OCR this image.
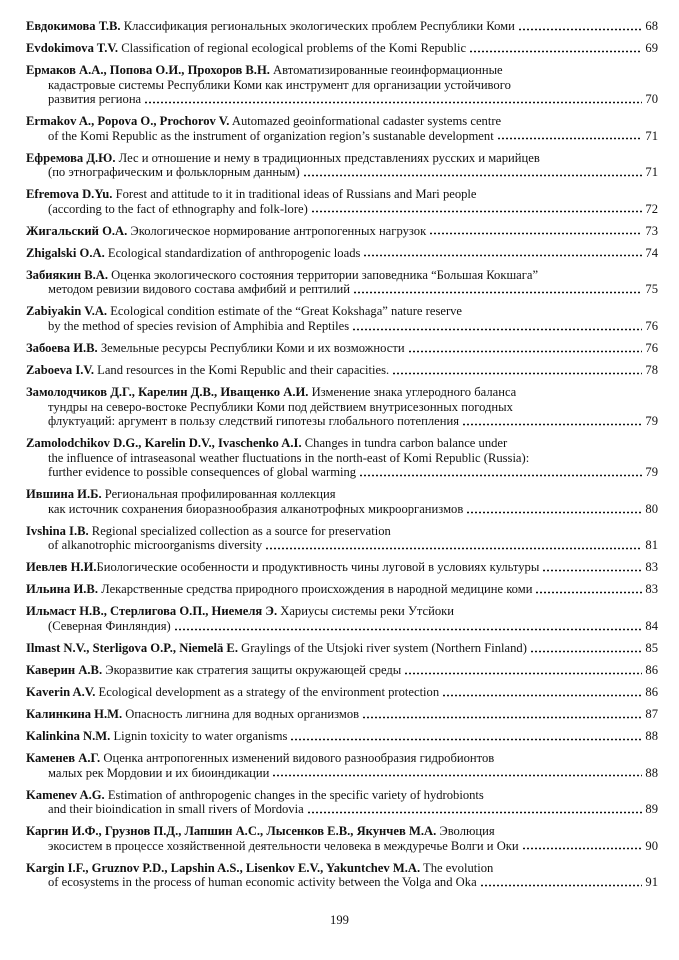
Евдокимова Т.В. Классификация региональных экологических проблем Республики Коми	68
Evdokimova T.V. Classification of regional ecological problems of the Komi Republic	69
Ермаков А.А., Попова О.И., Прохоров В.Н. Автоматизированные геоинформационные
кадастровые системы Республики Коми как инструмент для организации устойчивого
развития региона	70
Ermakov A., Popova O., Prochorov V. Automazed geoinformational cadaster systems centre
of the Komi Republic as the instrument of organization region’s sustanable development	71
Ефремова Д.Ю. Лес и отношение и нему в традиционных представлениях русских и марийцев
(по этнографическим и фольклорным данным)	71
Efremova D.Yu. Forest and attitude to it in traditional ideas of Russians and Mari people
(according to the fact of ethnography and folk-lore)	72
Жигальский О.А. Экологическое нормирование антропогенных нагрузок	73
Zhigalski O.A. Ecological standardization of anthropogenic loads	74
Забиякин В.А. Оценка экологического состояния территории заповедника “Большая Кокшага”
методом ревизии видового состава амфибий и рептилий	75
Zabiyakin V.A. Ecological condition estimate of the “Great Kokshaga” nature reserve
by the method of species revision of Amphibia and Reptiles	76
Забоева И.В. Земельные ресурсы Республики Коми и их возможности	76
Zaboeva I.V. Land resources in the Komi Republic and their capacities.	78
Замолодчиков Д.Г., Карелин Д.В., Иващенко А.И. Изменение знака углеродного баланса
тундры на северо-востоке Республики Коми под действием внутрисезонных погодных
флуктуаций: аргумент в пользу следствий гипотезы глобального потепления	79
Zamolodchikov D.G., Karelin D.V., Ivaschenko A.I. Changes in tundra carbon balance under
the influence of intraseasonal weather fluctuations in the north-east of Komi Republic (Russia):
further evidence to possible consequences of global warming	79
Ившина И.Б. Региональная профилированная коллекция
как источник сохранения биоразнообразия алканотрофных микроорганизмов	80
Ivshina I.B. Regional specialized collection as a source for preservation
of alkanotrophic microorganisms diversity	81
Иевлев Н.И.Биологические особенности и продуктивность чины луговой в условиях культуры	83
Ильина И.В. Лекарственные средства природного происхождения в народной медицине коми	83
Ильмаст Н.В., Стерлигова О.П., Ниемеля Э. Хариусы системы реки Утсйоки
(Северная Финляндия)	84
Ilmast N.V., Sterligova O.P., Niemelä E. Graylings of the Utsjoki river system (Northern Finland)	85
Каверин А.В. Экоразвитие как стратегия защиты окружающей среды	86
Kaverin A.V. Ecological development as a strategy of the environment protection	86
Калинкина Н.М. Опасность лигнина для водных организмов	87
Kalinkina N.M. Lignin toxicity to water organisms	88
Каменев А.Г. Оценка антропогенных изменений видового разнообразия гидробионтов
малых рек Мордовии и их биоиндикации	88
Kamenev A.G. Estimation of anthropogenic changes in the specific variety of hydrobionts
and their bioindication in small rivers of Mordovia	89
Каргин И.Ф., Грузнов П.Д., Лапшин А.С., Лысенков Е.В., Якунчев М.А. Эволюция
экосистем в процессе хозяйственной деятельности человека в междуречье Волги и Оки	90
Kargin I.F., Gruznov P.D., Lapshin A.S., Lisenkov E.V., Yakuntchev M.A. The evolution
of ecosystems in the process of human economic activity between the Volga and Oka	91
199
